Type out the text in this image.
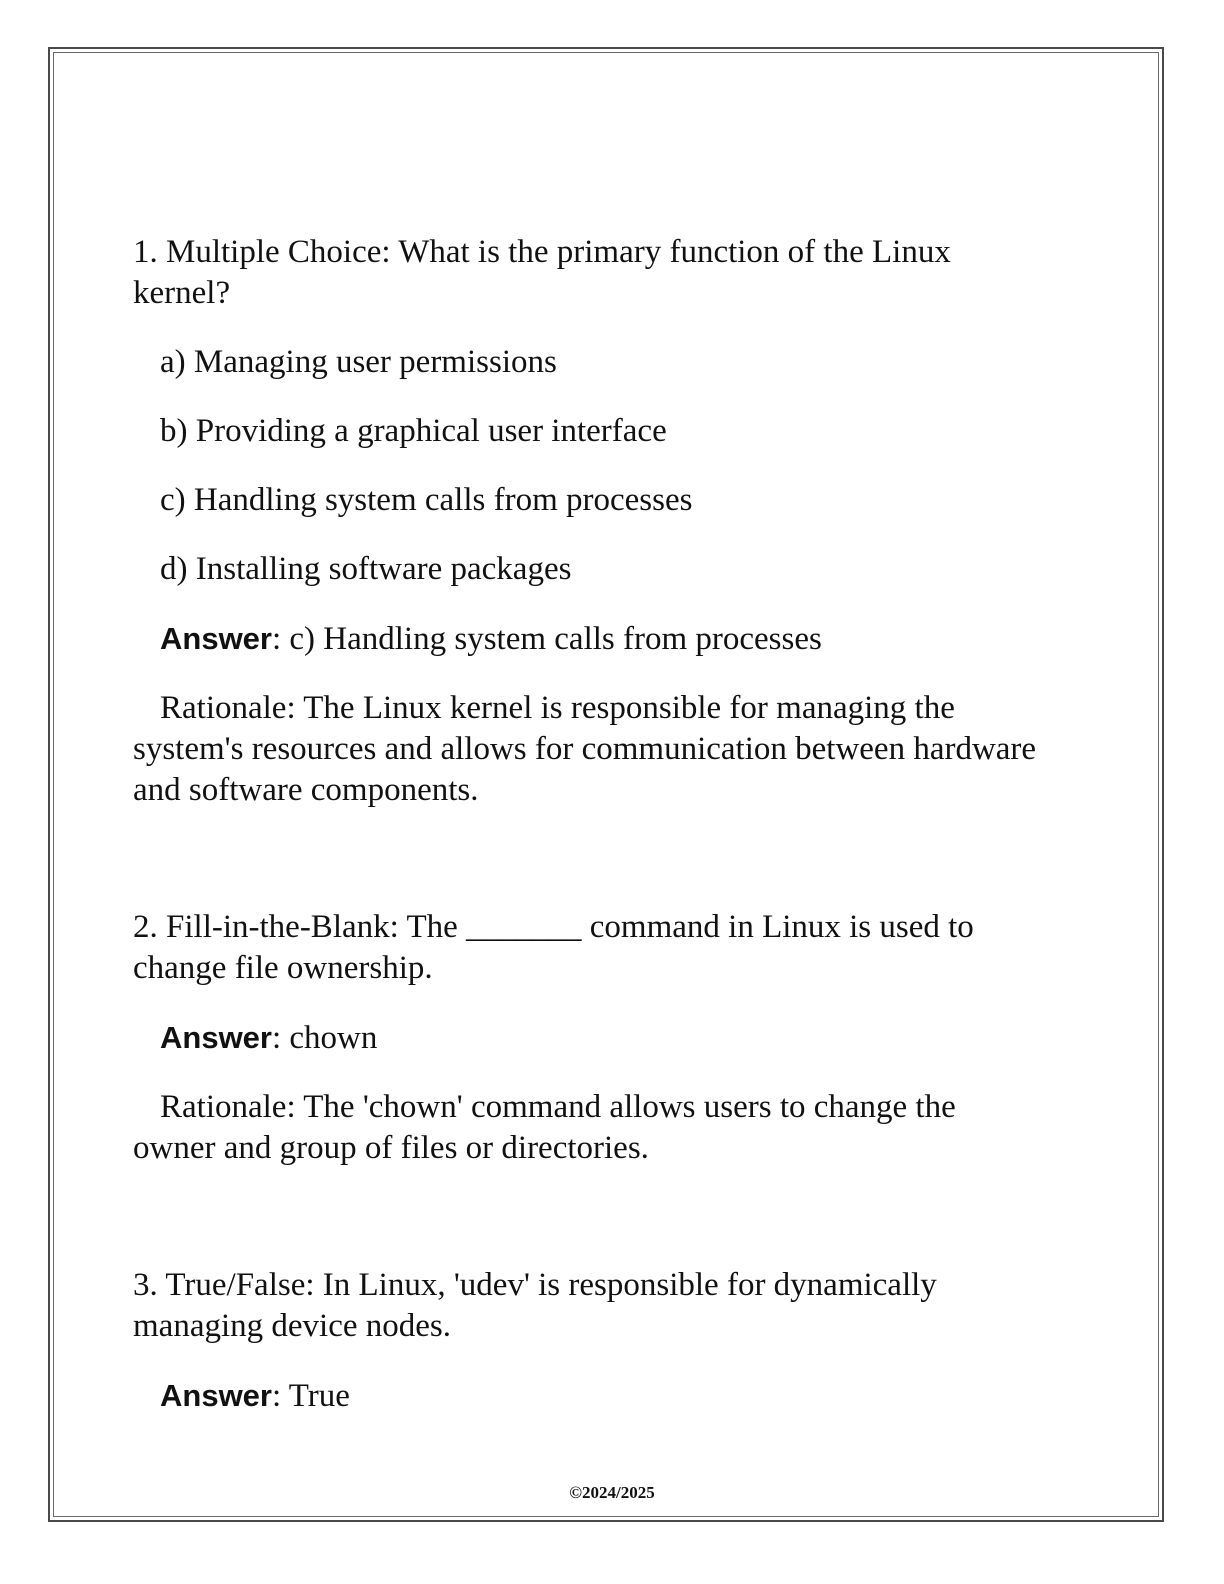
1. Multiple Choice: What is the primary function of the Linux kernel?

a) Managing user permissions

b) Providing a graphical user interface

c) Handling system calls from processes

d) Installing software packages

Answer: c) Handling system calls from processes

Rationale: The Linux kernel is responsible for managing the system's resources and allows for communication between hardware and software components.

2. Fill-in-the-Blank: The _______ command in Linux is used to change file ownership.

Answer: chown

Rationale: The 'chown' command allows users to change the owner and group of files or directories.

3. True/False: In Linux, 'udev' is responsible for dynamically managing device nodes.

Answer: True

©2024/2025
